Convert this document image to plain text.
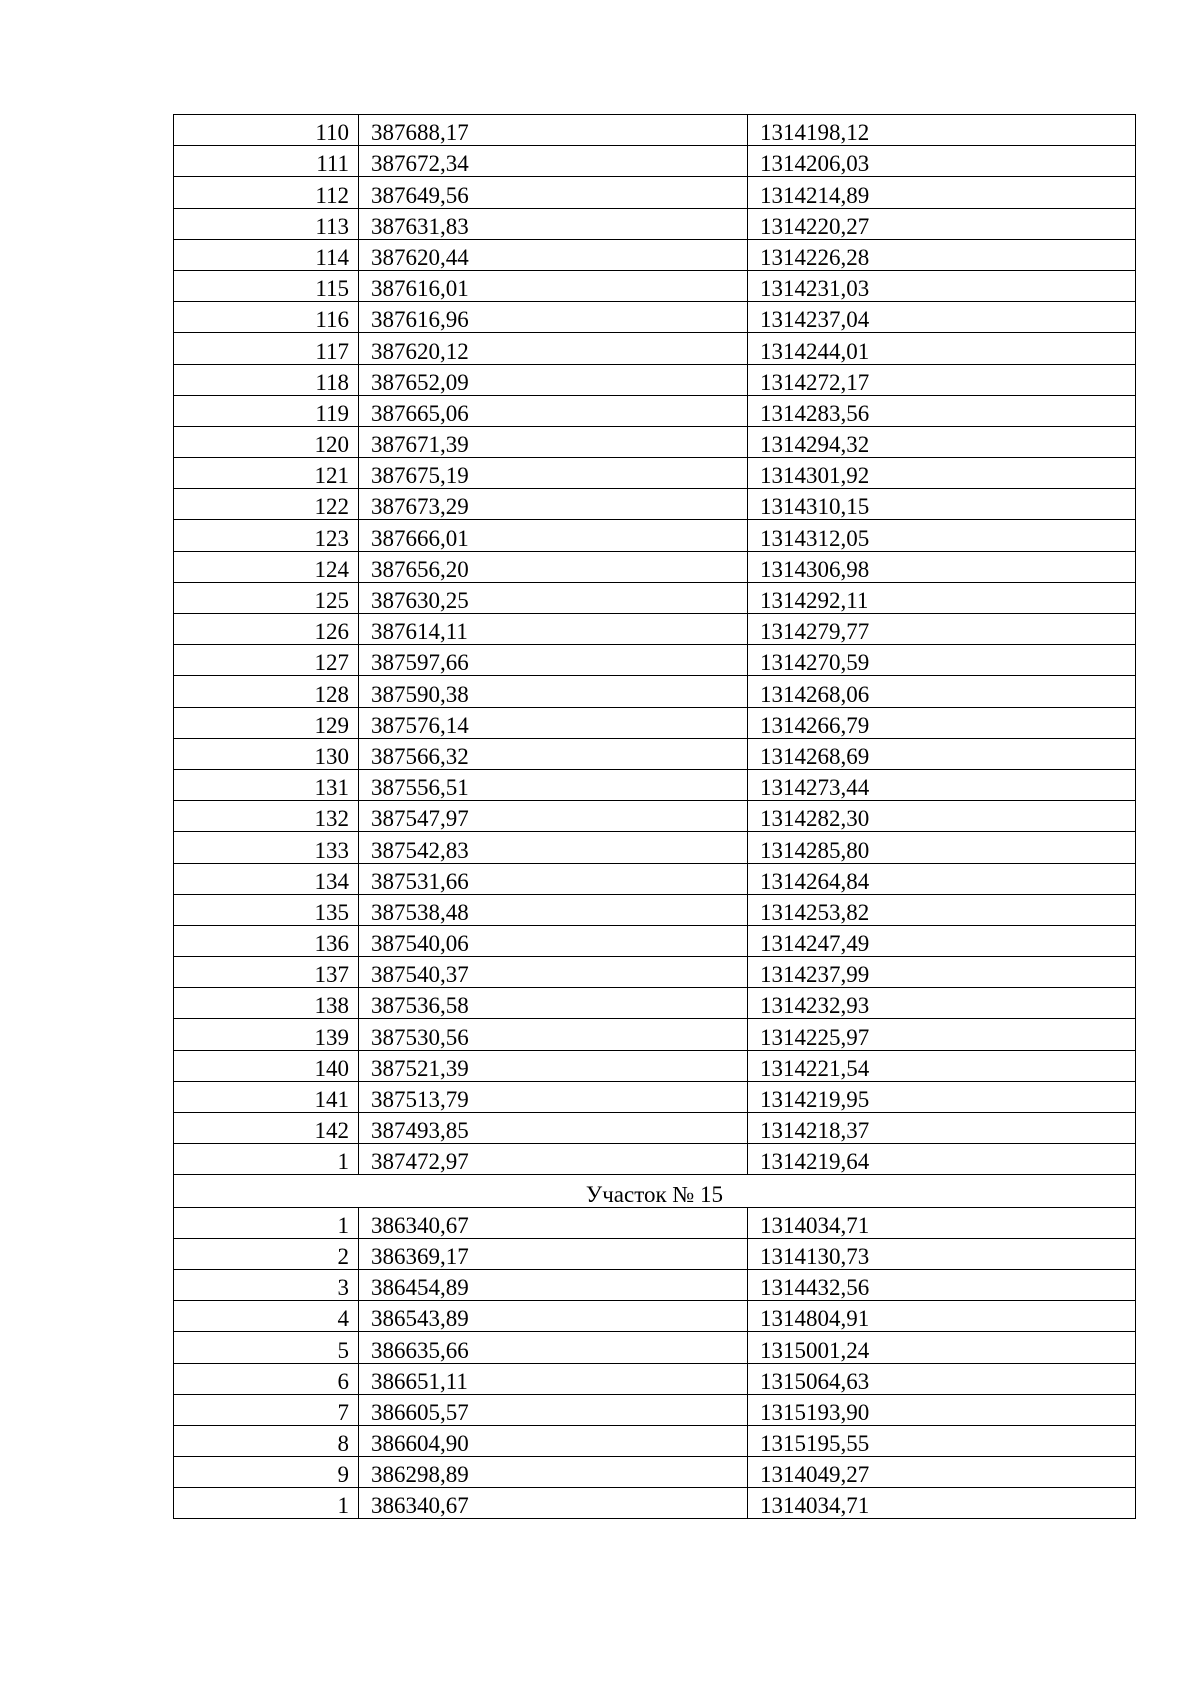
110	387688,17	1314198,12
111	387672,34	1314206,03
112	387649,56	1314214,89
113	387631,83	1314220,27
114	387620,44	1314226,28
115	387616,01	1314231,03
116	387616,96	1314237,04
117	387620,12	1314244,01
118	387652,09	1314272,17
119	387665,06	1314283,56
120	387671,39	1314294,32
121	387675,19	1314301,92
122	387673,29	1314310,15
123	387666,01	1314312,05
124	387656,20	1314306,98
125	387630,25	1314292,11
126	387614,11	1314279,77
127	387597,66	1314270,59
128	387590,38	1314268,06
129	387576,14	1314266,79
130	387566,32	1314268,69
131	387556,51	1314273,44
132	387547,97	1314282,30
133	387542,83	1314285,80
134	387531,66	1314264,84
135	387538,48	1314253,82
136	387540,06	1314247,49
137	387540,37	1314237,99
138	387536,58	1314232,93
139	387530,56	1314225,97
140	387521,39	1314221,54
141	387513,79	1314219,95
142	387493,85	1314218,37
1	387472,97	1314219,64
Участок № 15		
1	386340,67	1314034,71
2	386369,17	1314130,73
3	386454,89	1314432,56
4	386543,89	1314804,91
5	386635,66	1315001,24
6	386651,11	1315064,63
7	386605,57	1315193,90
8	386604,90	1315195,55
9	386298,89	1314049,27
1	386340,67	1314034,71
